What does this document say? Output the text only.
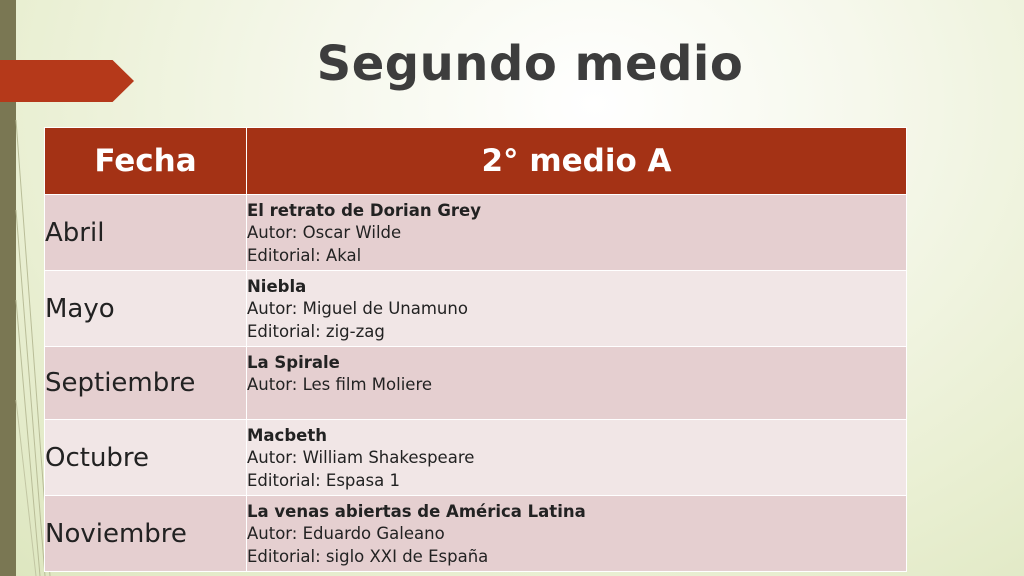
Segundo medio
Fecha	2° medio A
Abril	El retrato de Dorian Grey
Autor: Oscar Wilde
Editorial: Akal

Mayo	Niebla
Autor: Miguel de Unamuno
Editorial: zig-zag

Septiembre	La Spirale
Autor: Les film Moliere

Octubre	Macbeth
Autor: William Shakespeare
Editorial: Espasa 1

Noviembre	La venas abiertas de América Latina
Autor: Eduardo Galeano
Editorial: siglo XXI de España
